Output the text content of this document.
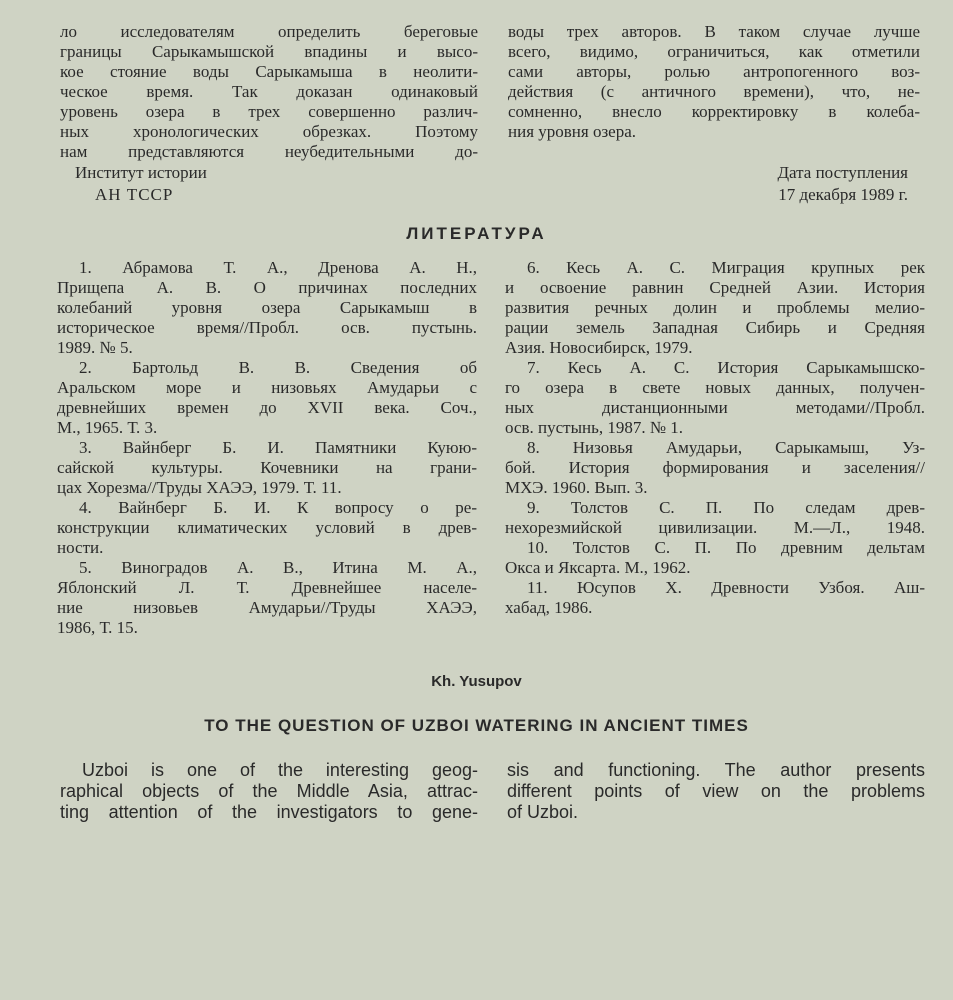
ло исследователям определить береговые
границы Сарыкамышской впадины и высо-
кое стояние воды Сарыкамыша в неолити-
ческое время. Так доказан одинаковый
уровень озера в трех совершенно различ-
ных хронологических обрезках. Поэтому
нам представляются неубедительными до-
воды трех авторов. В таком случае лучше
всего, видимо, ограничиться, как отметили
сами авторы, ролью антропогенного воз-
действия (с античного времени), что, не-
сомненно, внесло корректировку в колеба-
ния уровня озера.
Институт истории
АН ТССР
Дата поступления
17 декабря 1989 г.
ЛИТЕРАТУРА
1. Абрамова Т. А., Дренова А. Н.,
Прищепа А. В. О причинах последних
колебаний уровня озера Сарыкамыш в
историческое время//Пробл. осв. пустынь.
1989. № 5.
2. Бартольд В. В. Сведения об
Аральском море и низовьях Амударьи с
древнейших времен до XVII века. Соч.,
М., 1965. Т. 3.
3. Вайнберг Б. И. Памятники Куюю-
сайской культуры. Кочевники на грани-
цах Хорезма//Труды ХАЭЭ, 1979. Т. 11.
4. Вайнберг Б. И. К вопросу о ре-
конструкции климатических условий в древ-
ности.
5. Виноградов А. В., Итина М. А.,
Яблонский Л. Т. Древнейшее населе-
ние низовьев Амударьи//Труды ХАЭЭ,
1986, Т. 15.
6. Кесь А. С. Миграция крупных рек
и освоение равнин Средней Азии. История
развития речных долин и проблемы мелио-
рации земель Западная Сибирь и Средняя
Азия. Новосибирск, 1979.
7. Кесь А. С. История Сарыкамышско-
го озера в свете новых данных, получен-
ных дистанционными методами//Пробл.
осв. пустынь, 1987. № 1.
8. Низовья Амударьи, Сарыкамыш, Уз-
бой. История формирования и заселения//
МХЭ. 1960. Вып. 3.
9. Толстов С. П. По следам древ-
нехорезмийской цивилизации. М.—Л., 1948.
10. Толстов С. П. По древним дельтам
Окса и Яксарта. М., 1962.
11. Юсупов Х. Древности Узбоя. Аш-
хабад, 1986.
Kh. Yusupov
TO THE QUESTION OF UZBOI WATERING IN ANCIENT TIMES
Uzboi is one of the interesting geog-
raphical objects of the Middle Asia, attrac-
ting attention of the investigators to gene-
sis and functioning. The author presents
different points of view on the problems
of Uzboi.
